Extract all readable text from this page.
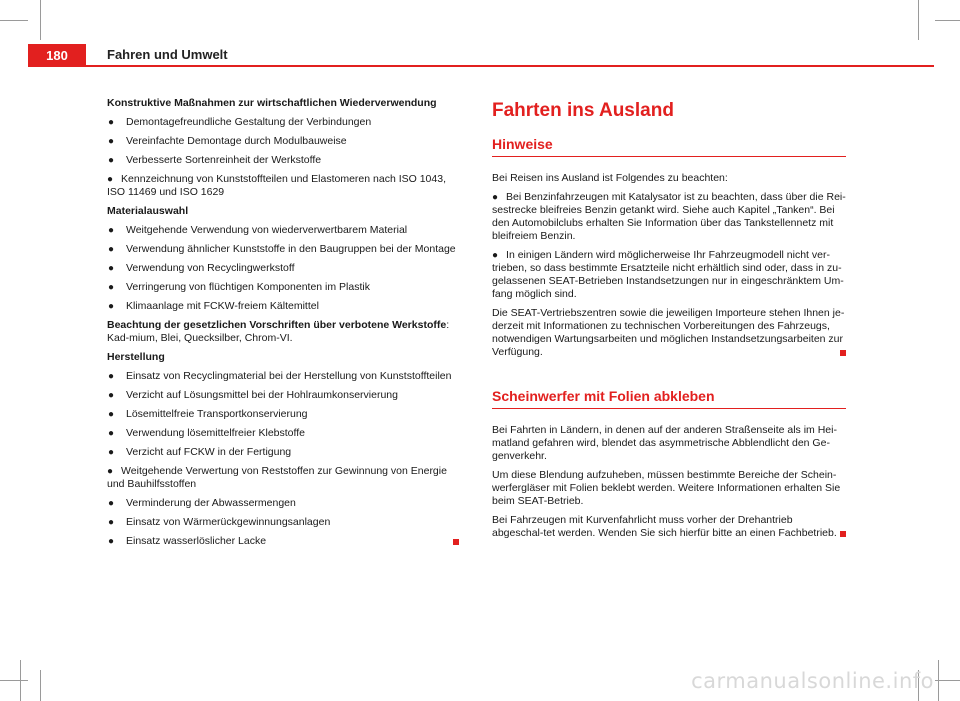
180	Fahren und Umwelt

Konstruktive Maßnahmen zur wirtschaftlichen Wiederverwendung

● Demontagefreundliche Gestaltung der Verbindungen

● Vereinfachte Demontage durch Modulbauweise

● Verbesserte Sortenreinheit der Werkstoffe

● Kennzeichnung von Kunststoffteilen und Elastomeren nach ISO 1043, ISO 11469 und ISO 1629

Materialauswahl

● Weitgehende Verwendung von wiederverwertbarem Material

● Verwendung ähnlicher Kunststoffe in den Baugruppen bei der Montage

● Verwendung von Recyclingwerkstoff

● Verringerung von flüchtigen Komponenten im Plastik

● Klimaanlage mit FCKW-freiem Kältemittel

Beachtung der gesetzlichen Vorschriften über verbotene Werkstoffe: Kad-mium, Blei, Quecksilber, Chrom-VI.

Herstellung

● Einsatz von Recyclingmaterial bei der Herstellung von Kunststoffteilen

● Verzicht auf Lösungsmittel bei der Hohlraumkonservierung

● Lösemittelfreie Transportkonservierung

● Verwendung lösemittelfreier Klebstoffe

● Verzicht auf FCKW in der Fertigung

● Weitgehende Verwertung von Reststoffen zur Gewinnung von Energie und Bauhilfsstoffen

● Verminderung der Abwassermengen

● Einsatz von Wärmerückgewinnungsanlagen

● Einsatz wasserlöslicher Lacke

Fahrten ins Ausland
Hinweise

Bei Reisen ins Ausland ist Folgendes zu beachten:

● Bei Benzinfahrzeugen mit Katalysator ist zu beachten, dass über die Rei-sestrecke bleifreies Benzin getankt wird. Siehe auch Kapitel „Tanken“. Bei den Automobilclubs erhalten Sie Information über das Tankstellennetz mit bleifreiem Benzin.

● In einigen Ländern wird möglicherweise Ihr Fahrzeugmodell nicht ver-trieben, so dass bestimmte Ersatzteile nicht erhältlich sind oder, dass in zu-gelassenen SEAT-Betrieben Instandsetzungen nur in eingeschränktem Um-fang möglich sind.

Die SEAT-Vertriebszentren sowie die jeweiligen Importeure stehen Ihnen je-derzeit mit Informationen zu technischen Vorbereitungen des Fahrzeugs, notwendigen Wartungsarbeiten und möglichen Instandsetzungsarbeiten zur Verfügung.

Scheinwerfer mit Folien abkleben

Bei Fahrten in Ländern, in denen auf der anderen Straßenseite als im Hei-matland gefahren wird, blendet das asymmetrische Abblendlicht den Ge-genverkehr.

Um diese Blendung aufzuheben, müssen bestimmte Bereiche der Schein-werfergläser mit Folien beklebt werden. Weitere Informationen erhalten Sie beim SEAT-Betrieb.

Bei Fahrzeugen mit Kurvenfahrlicht muss vorher der Drehantrieb abgeschal-tet werden. Wenden Sie sich hierfür bitte an einen Fachbetrieb.

carmanualsonline.info
